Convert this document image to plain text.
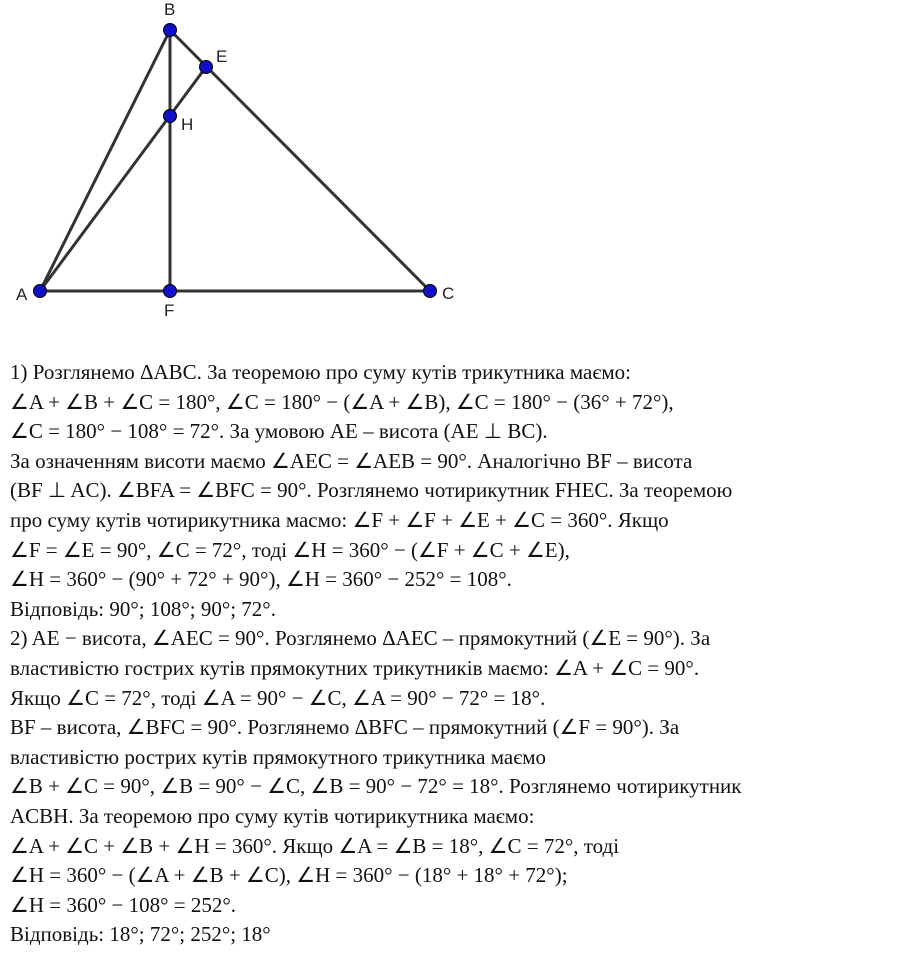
A
B
C
E
F
H
1) Розглянемо ΔABC. За теоремою про суму кутів трикутника маємо:
∠A + ∠B + ∠C = 180°, ∠C = 180° − (∠A + ∠B), ∠C = 180° − (36° + 72°),
∠C = 180° − 108° = 72°. За умовою AE – висота (AE ⊥ BC).
За означенням висоти маємо ∠AEC = ∠AEB = 90°. Аналогічно BF – висота
(BF ⊥ AC). ∠BFA = ∠BFC = 90°. Розглянемо чотирикутник FHEC. За теоремою
про суму кутів чотирикутника масмо: ∠F + ∠F + ∠E + ∠C = 360°. Якщо
∠F = ∠E = 90°, ∠C = 72°, тоді ∠H = 360° − (∠F + ∠C + ∠E),
∠H = 360° − (90° + 72° + 90°), ∠H = 360° − 252° = 108°.
Відповідь: 90°; 108°; 90°; 72°.
2) AE − висота, ∠AEC = 90°. Розглянемо ΔAEC – прямокутний (∠E = 90°). За
властивістю гострих кутів прямокутних трикутників маємо: ∠A + ∠C = 90°.
Якщо ∠C = 72°, тоді ∠A = 90° − ∠C, ∠A = 90° − 72° = 18°.
BF – висота, ∠BFC = 90°. Розглянемо ΔBFC – прямокутний (∠F = 90°). За
властивістю рострих кутів прямокутного трикутника маємо
∠B + ∠C = 90°, ∠B = 90° − ∠C, ∠B = 90° − 72° = 18°. Розглянемо чотирикутник
ACBH. За теоремою про суму кутів чотирикутника маємо:
∠A + ∠C + ∠B + ∠H = 360°. Якщо ∠A = ∠B = 18°, ∠C = 72°, тоді
∠H = 360° − (∠A + ∠B + ∠C), ∠H = 360° − (18° + 18° + 72°);
∠H = 360° − 108° = 252°.
Відповідь: 18°; 72°; 252°; 18°
